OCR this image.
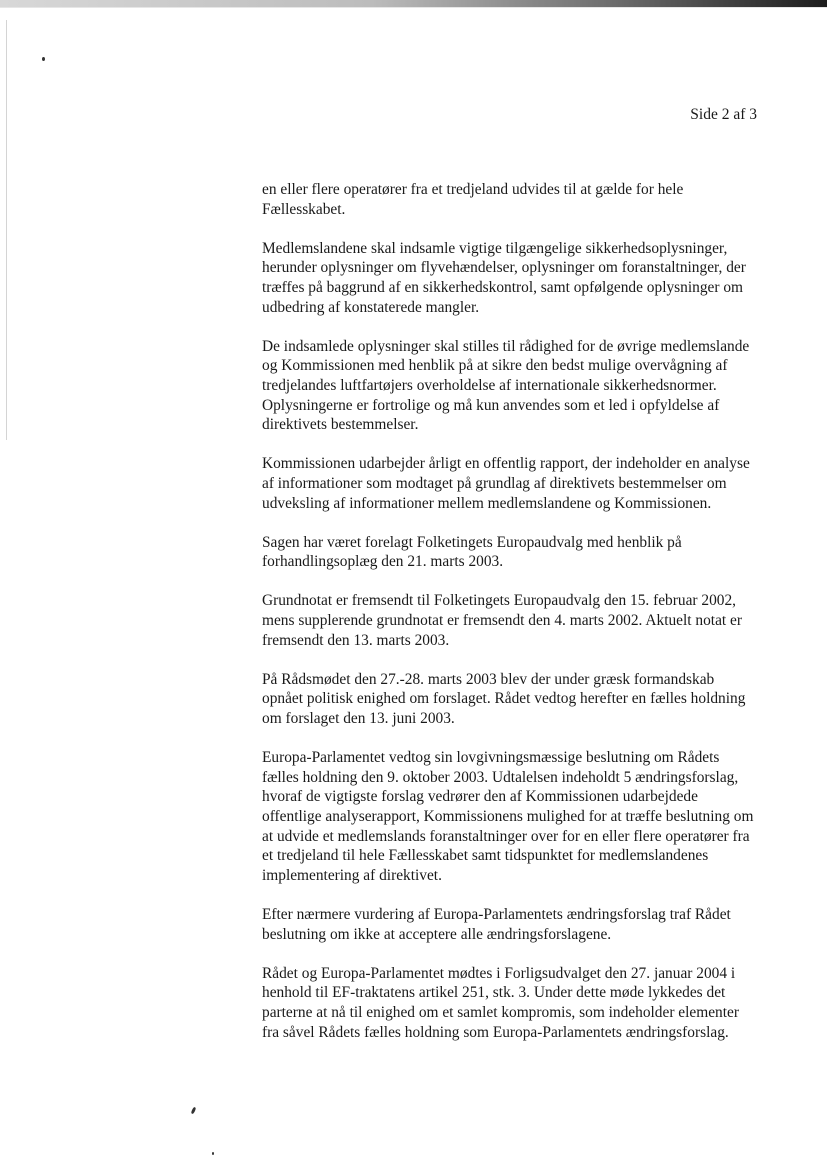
Side 2 af 3

en eller flere operatører fra et tredjeland udvides til at gælde for hele Fællesskabet.

Medlemslandene skal indsamle vigtige tilgængelige sikkerhedsoplysninger, herunder oplysninger om flyvehændelser, oplysninger om foranstaltninger, der træffes på baggrund af en sikkerhedskontrol, samt opfølgende oplysninger om udbedring af konstaterede mangler.

De indsamlede oplysninger skal stilles til rådighed for de øvrige medlemslande og Kommissionen med henblik på at sikre den bedst mulige overvågning af tredjelandes luftfartøjers overholdelse af internationale sikkerhedsnormer. Oplysningerne er fortrolige og må kun anvendes som et led i opfyldelse af direktivets bestemmelser.

Kommissionen udarbejder årligt en offentlig rapport, der indeholder en analyse af informationer som modtaget på grundlag af direktivets bestemmelser om udveksling af informationer mellem medlemslandene og Kommissionen.

Sagen har været forelagt Folketingets Europaudvalg med henblik på forhandlingsoplæg den 21. marts 2003.

Grundnotat er fremsendt til Folketingets Europaudvalg den 15. februar 2002, mens supplerende grundnotat er fremsendt den 4. marts 2002. Aktuelt notat er fremsendt den 13. marts 2003.

På Rådsmødet den 27.-28. marts 2003 blev der under græsk formandskab opnået politisk enighed om forslaget. Rådet vedtog herefter en fælles holdning om forslaget den 13. juni 2003.

Europa-Parlamentet vedtog sin lovgivningsmæssige beslutning om Rådets fælles holdning den 9. oktober 2003. Udtalelsen indeholdt 5 ændringsforslag, hvoraf de vigtigste forslag vedrører den af Kommissionen udarbejdede offentlige analyserapport, Kommissionens mulighed for at træffe beslutning om at udvide et medlemslands foranstaltninger over for en eller flere operatører fra et tredjeland til hele Fællesskabet samt tidspunktet for medlemslandenes implementering af direktivet.

Efter nærmere vurdering af Europa-Parlamentets ændringsforslag traf Rådet beslutning om ikke at acceptere alle ændringsforslagene.

Rådet og Europa-Parlamentet mødtes i Forligsudvalget den 27. januar 2004 i henhold til EF-traktatens artikel 251, stk. 3. Under dette møde lykkedes det parterne at nå til enighed om et samlet kompromis, som indeholder elementer fra såvel Rådets fælles holdning som Europa-Parlamentets ændringsforslag.
